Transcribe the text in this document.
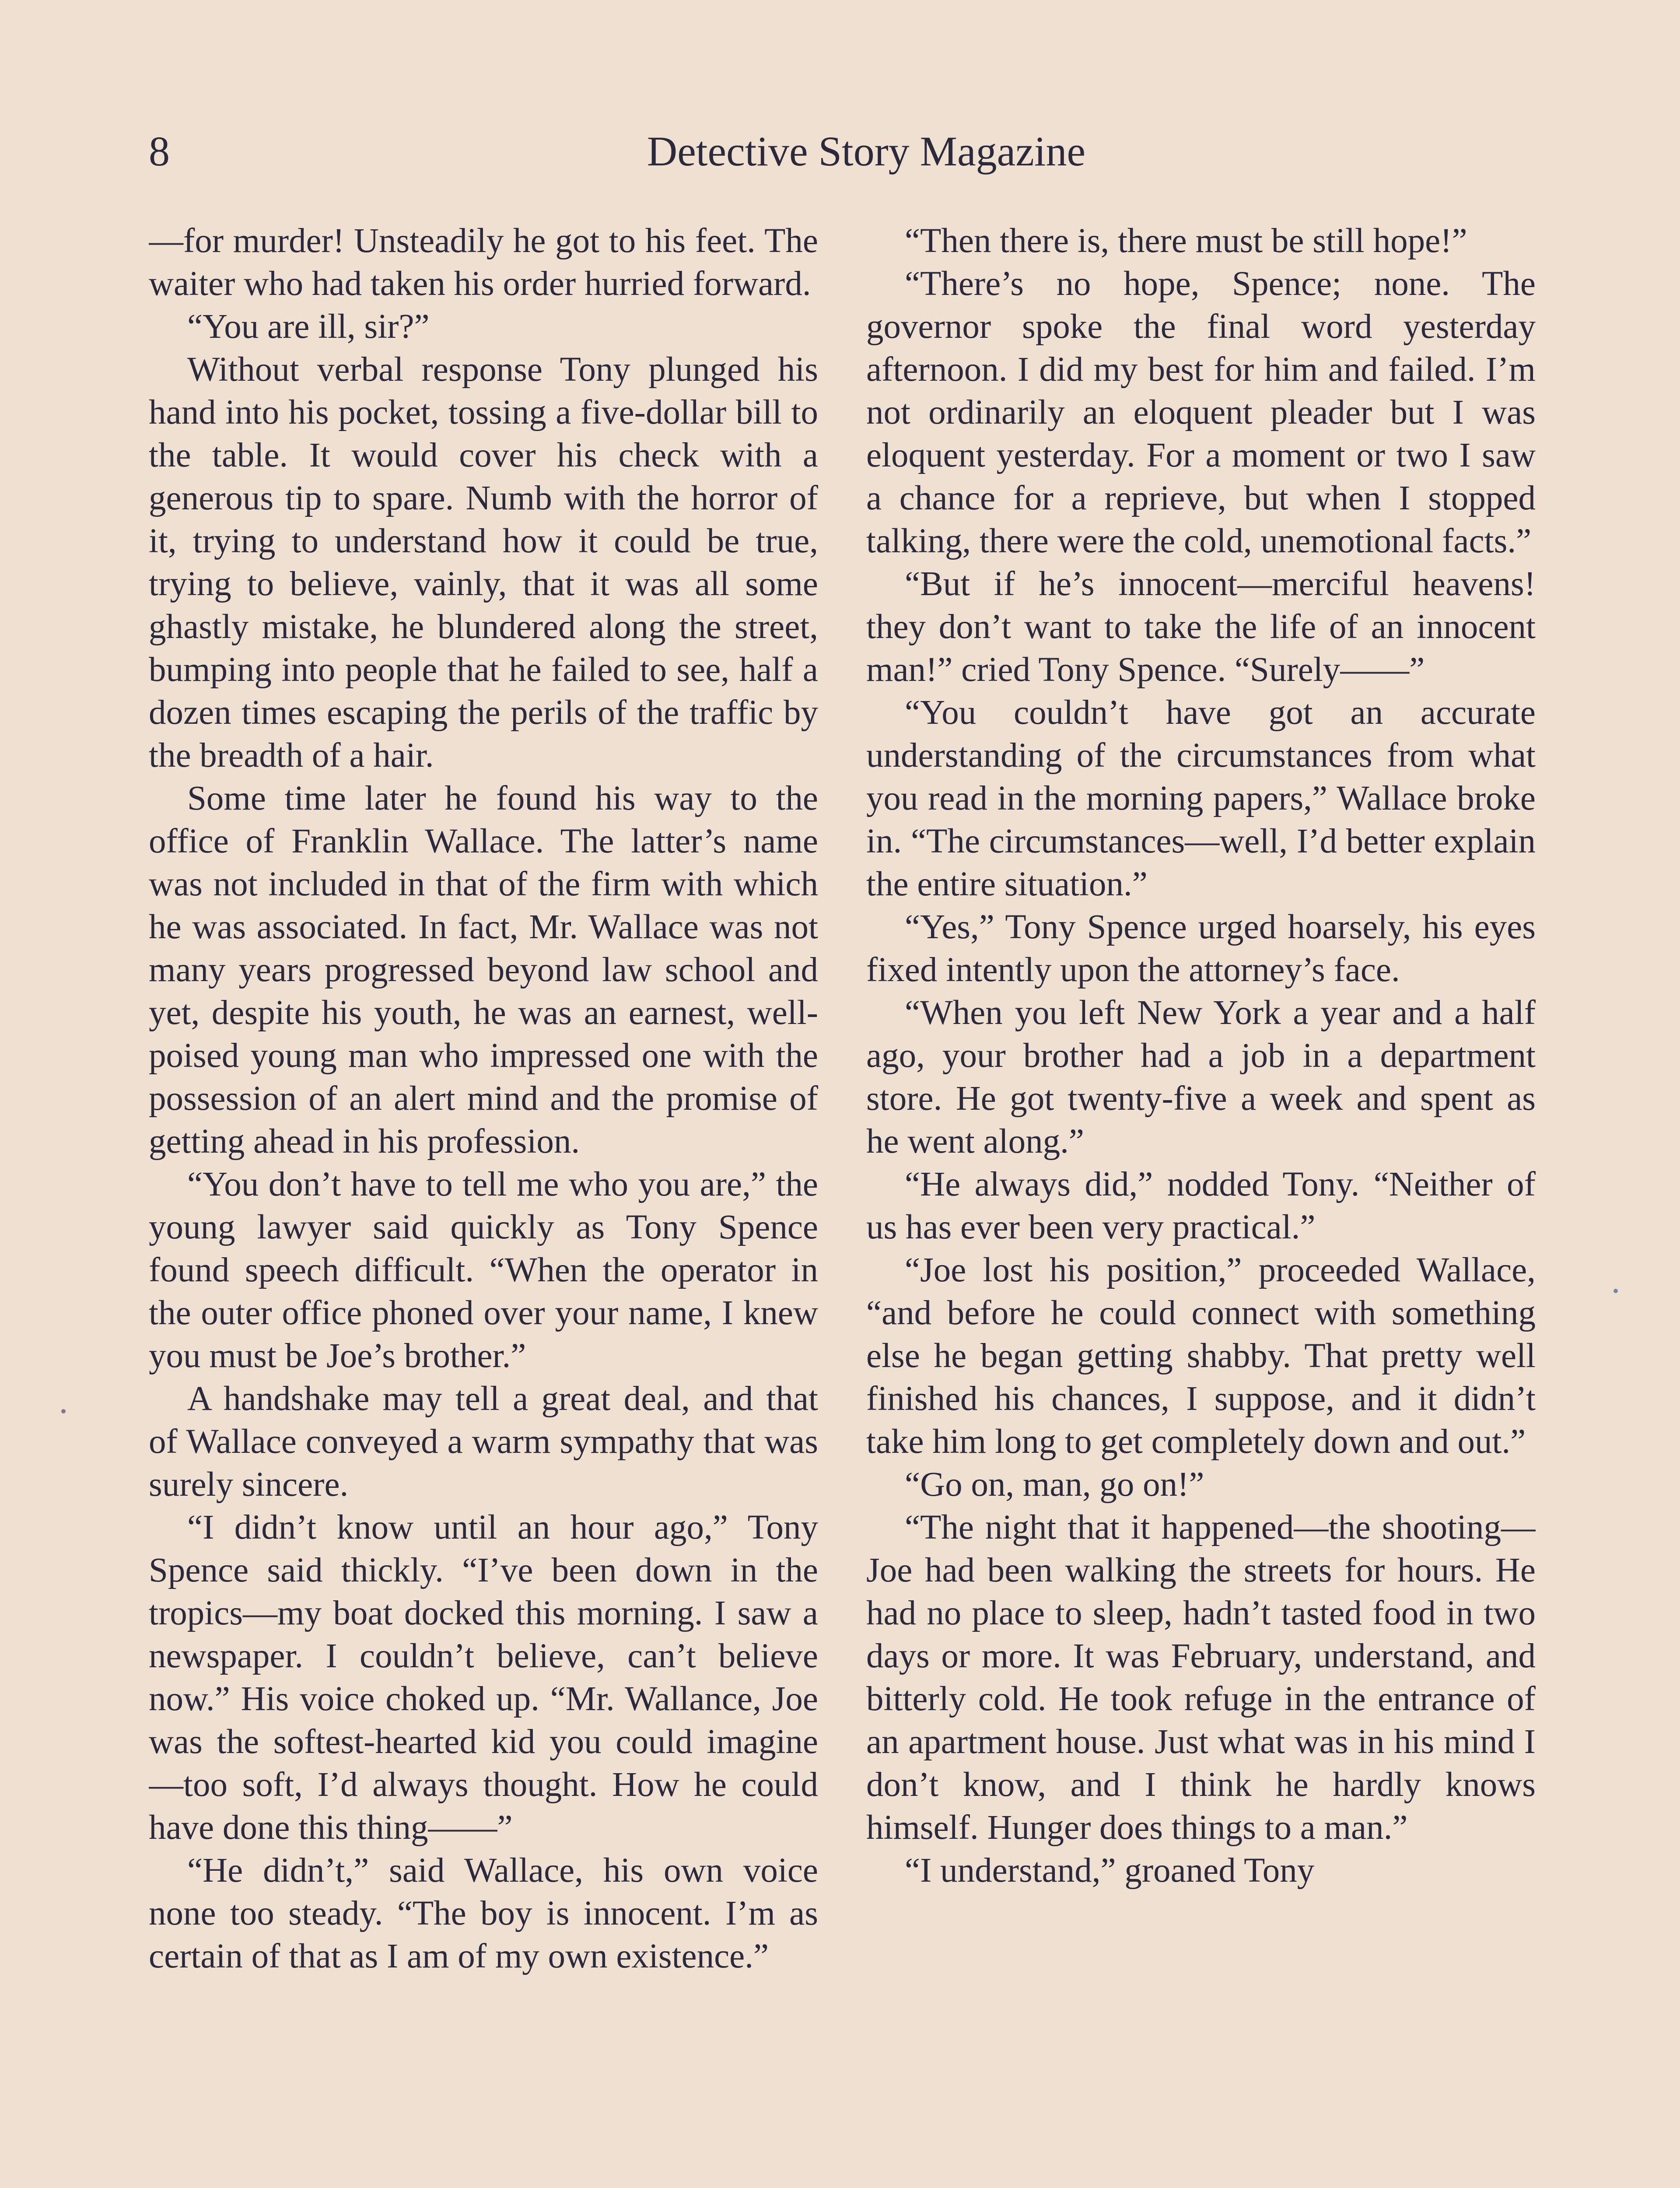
8	Detective Story Magazine

—for murder! Unsteadily he got to his feet. The waiter who had taken his order hurried forward.

“You are ill, sir?”

Without verbal response Tony plunged his hand into his pocket, tossing a five-dollar bill to the table. It would cover his check with a generous tip to spare. Numb with the horror of it, trying to understand how it could be true, trying to believe, vainly, that it was all some ghastly mistake, he blundered along the street, bumping into people that he failed to see, half a dozen times escaping the perils of the traffic by the breadth of a hair.

Some time later he found his way to the office of Franklin Wallace. The latter’s name was not included in that of the firm with which he was associated. In fact, Mr. Wallace was not many years progressed beyond law school and yet, despite his youth, he was an earnest, well-poised young man who impressed one with the possession of an alert mind and the promise of getting ahead in his profession.

“You don’t have to tell me who you are,” the young lawyer said quickly as Tony Spence found speech difficult. “When the operator in the outer office phoned over your name, I knew you must be Joe’s brother.”

A handshake may tell a great deal, and that of Wallace conveyed a warm sympathy that was surely sincere.

“I didn’t know until an hour ago,” Tony Spence said thickly. “I’ve been down in the tropics—my boat docked this morning. I saw a newspaper. I couldn’t believe, can’t believe now.” His voice choked up. “Mr. Wallance, Joe was the softest-hearted kid you could imagine—too soft, I’d always thought. How he could have done this thing——”

“He didn’t,” said Wallace, his own voice none too steady. “The boy is innocent. I’m as certain of that as I am of my own existence.”

“Then there is, there must be still hope!”

“There’s no hope, Spence; none. The governor spoke the final word yesterday afternoon. I did my best for him and failed. I’m not ordinarily an eloquent pleader but I was eloquent yesterday. For a moment or two I saw a chance for a reprieve, but when I stopped talking, there were the cold, unemotional facts.”

“But if he’s innocent—merciful heavens! they don’t want to take the life of an innocent man!” cried Tony Spence. “Surely——”

“You couldn’t have got an accurate understanding of the circumstances from what you read in the morning papers,” Wallace broke in. “The circumstances—well, I’d better explain the entire situation.”

“Yes,” Tony Spence urged hoarsely, his eyes fixed intently upon the attorney’s face.

“When you left New York a year and a half ago, your brother had a job in a department store. He got twenty-five a week and spent as he went along.”

“He always did,” nodded Tony. “Neither of us has ever been very practical.”

“Joe lost his position,” proceeded Wallace, “and before he could connect with something else he began getting shabby. That pretty well finished his chances, I suppose, and it didn’t take him long to get completely down and out.”

“Go on, man, go on!”

“The night that it happened—the shooting—Joe had been walking the streets for hours. He had no place to sleep, hadn’t tasted food in two days or more. It was February, understand, and bitterly cold. He took refuge in the entrance of an apartment house. Just what was in his mind I don’t know, and I think he hardly knows himself. Hunger does things to a man.”

“I understand,” groaned Tony
